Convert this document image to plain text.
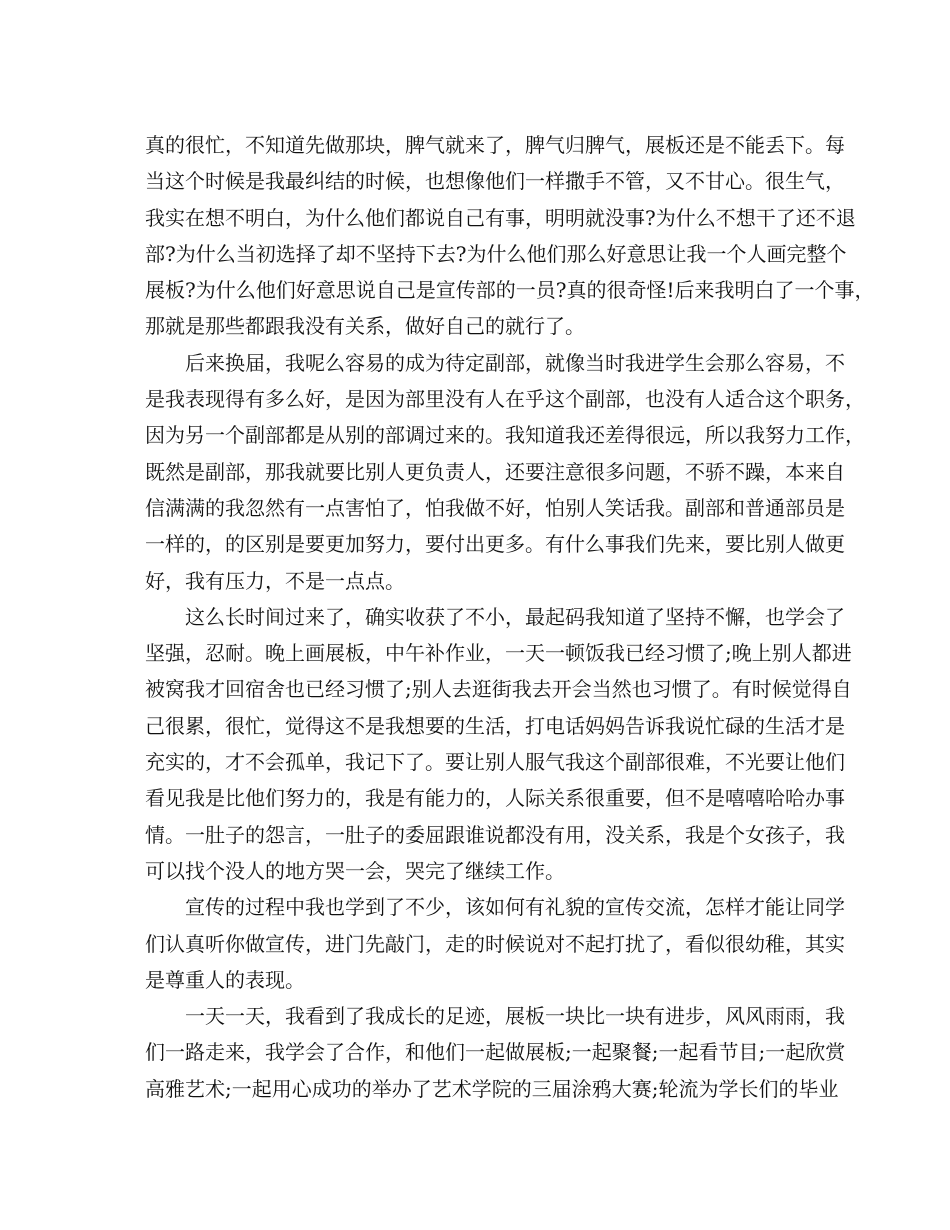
真的很忙，不知道先做那块，脾气就来了，脾气归脾气，展板还是不能丢下。每
当这个时候是我最纠结的时候，也想像他们一样撒手不管，又不甘心。很生气，
我实在想不明白，为什么他们都说自己有事，明明就没事?为什么不想干了还不退
部?为什么当初选择了却不坚持下去?为什么他们那么好意思让我一个人画完整个
展板?为什么他们好意思说自己是宣传部的一员?真的很奇怪!后来我明白了一个事，
那就是那些都跟我没有关系，做好自己的就行了。

后来换届，我呢么容易的成为待定副部，就像当时我进学生会那么容易，不
是我表现得有多么好，是因为部里没有人在乎这个副部，也没有人适合这个职务，
因为另一个副部都是从别的部调过来的。我知道我还差得很远，所以我努力工作，
既然是副部，那我就要比别人更负责人，还要注意很多问题，不骄不躁，本来自
信满满的我忽然有一点害怕了，怕我做不好，怕别人笑话我。副部和普通部员是
一样的，的区别是要更加努力，要付出更多。有什么事我们先来，要比别人做更
好，我有压力，不是一点点。

这么长时间过来了，确实收获了不小，最起码我知道了坚持不懈，也学会了
坚强，忍耐。晚上画展板，中午补作业，一天一顿饭我已经习惯了;晚上别人都进
被窝我才回宿舍也已经习惯了;别人去逛街我去开会当然也习惯了。有时候觉得自
己很累，很忙，觉得这不是我想要的生活，打电话妈妈告诉我说忙碌的生活才是
充实的，才不会孤单，我记下了。要让别人服气我这个副部很难，不光要让他们
看见我是比他们努力的，我是有能力的，人际关系很重要，但不是嘻嘻哈哈办事
情。一肚子的怨言，一肚子的委屈跟谁说都没有用，没关系，我是个女孩子，我
可以找个没人的地方哭一会，哭完了继续工作。

宣传的过程中我也学到了不少，该如何有礼貌的宣传交流，怎样才能让同学
们认真听你做宣传，进门先敲门，走的时候说对不起打扰了，看似很幼稚，其实
是尊重人的表现。

一天一天，我看到了我成长的足迹，展板一块比一块有进步，风风雨雨，我
们一路走来，我学会了合作，和他们一起做展板;一起聚餐;一起看节目;一起欣赏
高雅艺术;一起用心成功的举办了艺术学院的三届涂鸦大赛;轮流为学长们的毕业
